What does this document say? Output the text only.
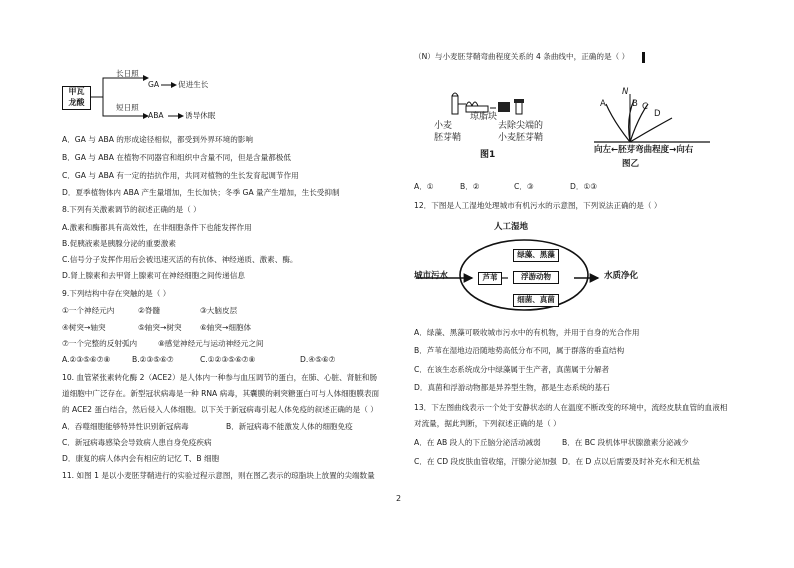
甲瓦
龙酸
长日照
GA 促进生长
短日照
ABA	诱导休眠
A．GA 与 ABA 的形成途径相似，都受到外界环境的影响
B．GA 与 ABA 在植物不同器官和组织中含量不同，但是含量都极低
C．GA 与 ABA 有一定的拮抗作用，共同对植物的生长发育起调节作用
D．夏季植物体内 ABA 产生量增加，生长加快；冬季 GA 量产生增加，生长受抑制
8.下列有关激素调节的叙述正确的是（ ）
A.激素和酶都具有高效性，在非细胞条件下也能发挥作用
B.促胰液素是胰腺分泌的重要激素
C.信号分子发挥作用后会被迅速灭活的有抗体、神经递质、激素、酶。
D.肾上腺素和去甲肾上腺素可在神经细胞之间传递信息
9.下列结构中存在突触的是（ ）
①一个神经元内	②脊髓	③大脑皮层
④树突→轴突	⑤轴突→树突 ⑥轴突→细胞体
⑦一个完整的反射弧内	⑧感觉神经元与运动神经元之间
A.②③⑤⑥⑦⑧	B.②③⑤⑥⑦	C.①②③⑤⑥⑦⑧	D.④⑤⑥⑦
10. 血管紧张素转化酶 2（ACE2）是人体内一种参与血压调节的蛋白，在肺、心脏、肾脏和肠
道细胞中广泛存在。新型冠状病毒是一种 RNA 病毒，其囊膜的刺突糖蛋白可与人体细胞膜表面
的 ACE2 蛋白结合，然后侵入人体细胞。以下关于新冠病毒引起人体免疫的叙述正确的是（ ）
A．吞噬细胞能够特异性识别新冠病毒	B．新冠病毒不能激发人体的细胞免疫
C．新冠病毒感染会导致病人患自身免疫疾病
D．康复的病人体内会有相应的记忆 T、B 细胞
11. 如图 1 是以小麦胚芽鞘进行的实验过程示意图，则在图乙表示的琼脂块上放置的尖端数量
（N）与小麦胚芽鞘弯曲程度关系的 4 条曲线中，正确的是（ ）
琼脂块
小麦
胚芽鞘
去除尖端的
小麦胚芽鞘
图1
A
N
B C
D
向左←胚芽弯曲程度→向右
图乙
A．①	B．②	C．③	D．①③
12．下图是人工湿地处理城市有机污水的示意图，下列说法正确的是（ ）
人工湿地
城市污水	水质净化
绿藻、黑藻
芦苇	浮游动物
细菌、真菌
A．绿藻、黑藻可吸收城市污水中的有机物，并用于自身的光合作用
B．芦苇在湿地边沿随地势高低分布不同，属于群落的垂直结构
C．在该生态系统成分中绿藻属于生产者，真菌属于分解者
D．真菌和浮游动物都是异养型生物，都是生态系统的基石
13．下左图曲线表示一个处于安静状态的人在温度不断改变的环境中，流经皮肤血管的血液相
对流量，据此判断，下列叙述正确的是（ ）
A．在 AB 段人的下丘脑分泌活动减弱	B．在 BC 段机体甲状腺激素分泌减少
C．在 CD 段皮肤血管收缩，汗腺分泌加强 D．在 D 点以后需要及时补充水和无机盐
2
